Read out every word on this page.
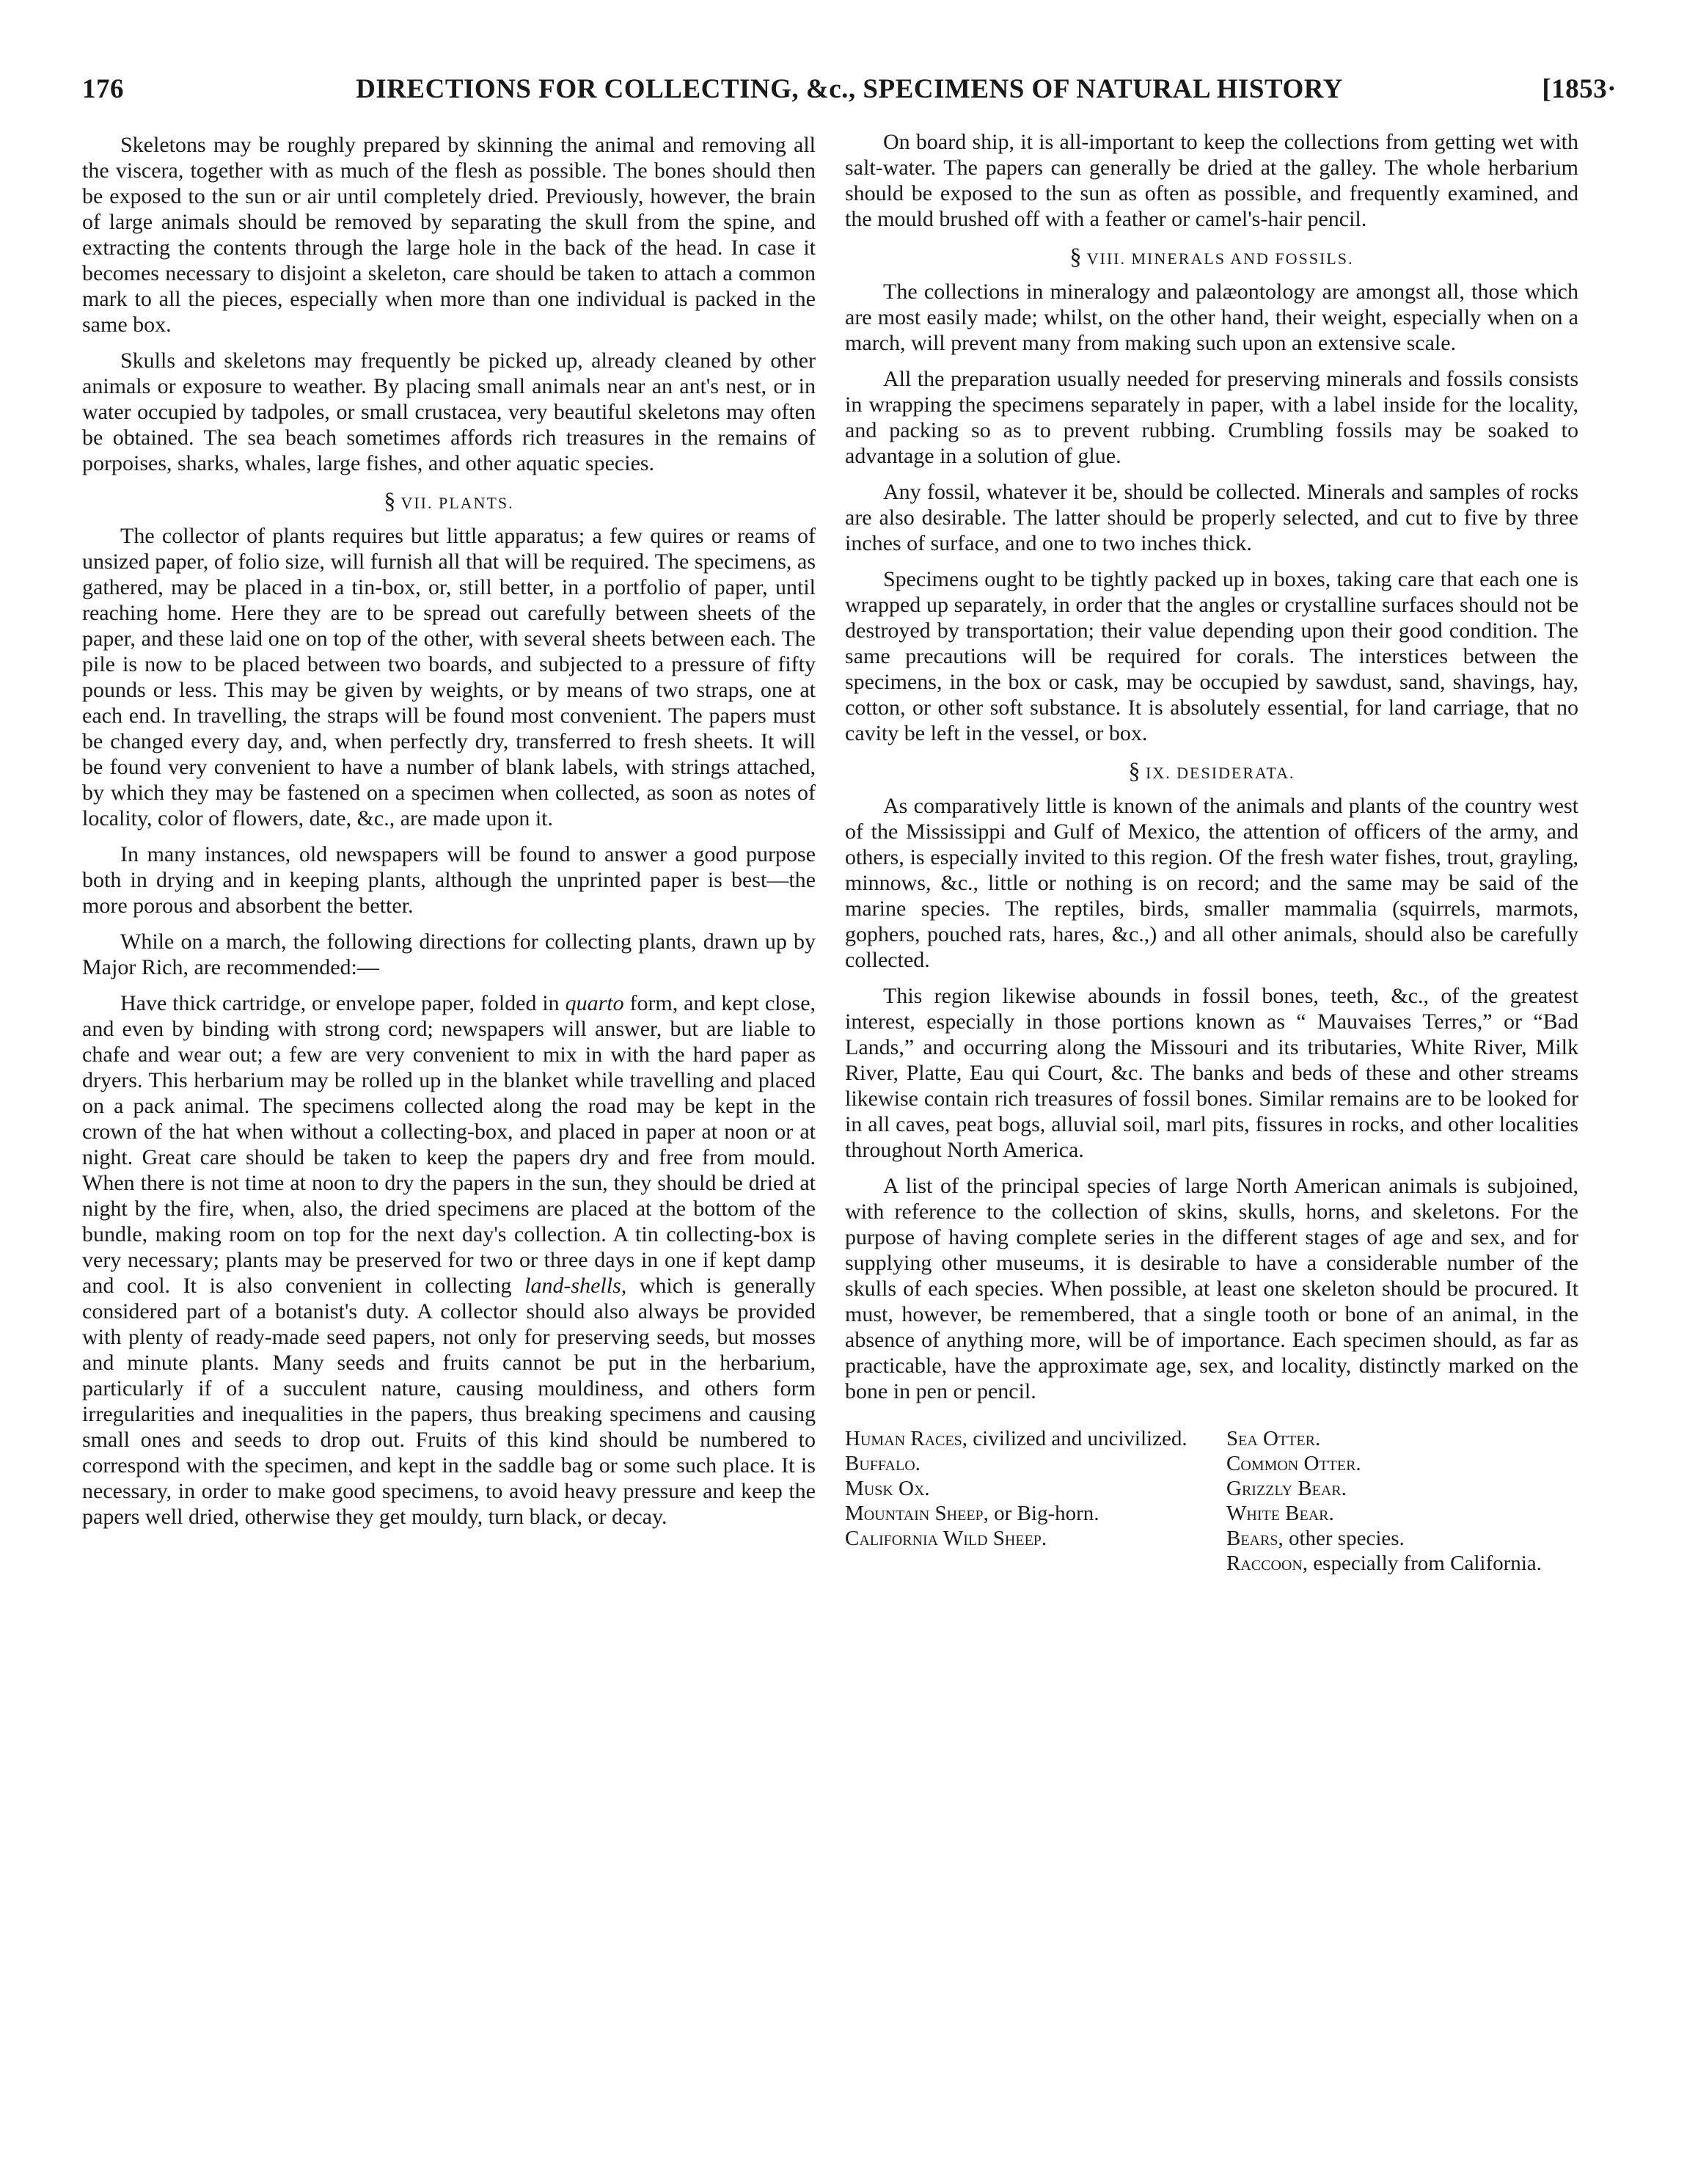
176	DIRECTIONS FOR COLLECTING, &c., SPECIMENS OF NATURAL HISTORY	[1853·

Skeletons may be roughly prepared by skinning the animal and removing all the viscera, together with as much of the flesh as possible. The bones should then be exposed to the sun or air until completely dried. Previously, however, the brain of large animals should be removed by separating the skull from the spine, and extracting the contents through the large hole in the back of the head. In case it becomes necessary to disjoint a skeleton, care should be taken to attach a common mark to all the pieces, especially when more than one individual is packed in the same box.

Skulls and skeletons may frequently be picked up, already cleaned by other animals or exposure to weather. By placing small animals near an ant's nest, or in water occupied by tadpoles, or small crustacea, very beautiful skeletons may often be obtained. The sea beach sometimes affords rich treasures in the remains of porpoises, sharks, whales, large fishes, and other aquatic species.

§ VII. PLANTS.

The collector of plants requires but little apparatus; a few quires or reams of unsized paper, of folio size, will furnish all that will be required. The specimens, as gathered, may be placed in a tin-box, or, still better, in a portfolio of paper, until reaching home. Here they are to be spread out carefully between sheets of the paper, and these laid one on top of the other, with several sheets between each. The pile is now to be placed between two boards, and subjected to a pressure of fifty pounds or less. This may be given by weights, or by means of two straps, one at each end. In travelling, the straps will be found most convenient. The papers must be changed every day, and, when perfectly dry, transferred to fresh sheets. It will be found very convenient to have a number of blank labels, with strings attached, by which they may be fastened on a specimen when collected, as soon as notes of locality, color of flowers, date, &c., are made upon it.

In many instances, old newspapers will be found to answer a good purpose both in drying and in keeping plants, although the unprinted paper is best—the more porous and absorbent the better.

While on a march, the following directions for collecting plants, drawn up by Major Rich, are recommended:—

Have thick cartridge, or envelope paper, folded in quarto form, and kept close, and even by binding with strong cord; newspapers will answer, but are liable to chafe and wear out; a few are very convenient to mix in with the hard paper as dryers. This herbarium may be rolled up in the blanket while travelling and placed on a pack animal. The specimens collected along the road may be kept in the crown of the hat when without a collecting-box, and placed in paper at noon or at night. Great care should be taken to keep the papers dry and free from mould. When there is not time at noon to dry the papers in the sun, they should be dried at night by the fire, when, also, the dried specimens are placed at the bottom of the bundle, making room on top for the next day's collection. A tin collecting-box is very necessary; plants may be preserved for two or three days in one if kept damp and cool. It is also convenient in collecting land-shells, which is generally considered part of a botanist's duty. A collector should also always be provided with plenty of ready-made seed papers, not only for preserving seeds, but mosses and minute plants. Many seeds and fruits cannot be put in the herbarium, particularly if of a succulent nature, causing mouldiness, and others form irregularities and inequalities in the papers, thus breaking specimens and causing small ones and seeds to drop out. Fruits of this kind should be numbered to correspond with the specimen, and kept in the saddle bag or some such place. It is necessary, in order to make good specimens, to avoid heavy pressure and keep the papers well dried, otherwise they get mouldy, turn black, or decay.

On board ship, it is all-important to keep the collections from getting wet with salt-water. The papers can generally be dried at the galley. The whole herbarium should be exposed to the sun as often as possible, and frequently examined, and the mould brushed off with a feather or camel's-hair pencil.

§ VIII. MINERALS AND FOSSILS.

The collections in mineralogy and palæontology are amongst all, those which are most easily made; whilst, on the other hand, their weight, especially when on a march, will prevent many from making such upon an extensive scale.

All the preparation usually needed for preserving minerals and fossils consists in wrapping the specimens separately in paper, with a label inside for the locality, and packing so as to prevent rubbing. Crumbling fossils may be soaked to advantage in a solution of glue.

Any fossil, whatever it be, should be collected. Minerals and samples of rocks are also desirable. The latter should be properly selected, and cut to five by three inches of surface, and one to two inches thick.

Specimens ought to be tightly packed up in boxes, taking care that each one is wrapped up separately, in order that the angles or crystalline surfaces should not be destroyed by transportation; their value depending upon their good condition. The same precautions will be required for corals. The interstices between the specimens, in the box or cask, may be occupied by sawdust, sand, shavings, hay, cotton, or other soft substance. It is absolutely essential, for land carriage, that no cavity be left in the vessel, or box.

§ IX. DESIDERATA.

As comparatively little is known of the animals and plants of the country west of the Mississippi and Gulf of Mexico, the attention of officers of the army, and others, is especially invited to this region. Of the fresh water fishes, trout, grayling, minnows, &c., little or nothing is on record; and the same may be said of the marine species. The reptiles, birds, smaller mammalia (squirrels, marmots, gophers, pouched rats, hares, &c.,) and all other animals, should also be carefully collected.

This region likewise abounds in fossil bones, teeth, &c., of the greatest interest, especially in those portions known as “ Mauvaises Terres,” or “Bad Lands,” and occurring along the Missouri and its tributaries, White River, Milk River, Platte, Eau qui Court, &c. The banks and beds of these and other streams likewise contain rich treasures of fossil bones. Similar remains are to be looked for in all caves, peat bogs, alluvial soil, marl pits, fissures in rocks, and other localities throughout North America.

A list of the principal species of large North American animals is subjoined, with reference to the collection of skins, skulls, horns, and skeletons. For the purpose of having complete series in the different stages of age and sex, and for supplying other museums, it is desirable to have a considerable number of the skulls of each species. When possible, at least one skeleton should be procured. It must, however, be remembered, that a single tooth or bone of an animal, in the absence of anything more, will be of importance. Each specimen should, as far as practicable, have the approximate age, sex, and locality, distinctly marked on the bone in pen or pencil.

Human Races, civilized and uncivilized.
Buffalo.
Musk Ox.
Mountain Sheep, or Big-horn.
California Wild Sheep.
Sea Otter.
Common Otter.
Grizzly Bear.
White Bear.
Bears, other species.
Raccoon, especially from California.
